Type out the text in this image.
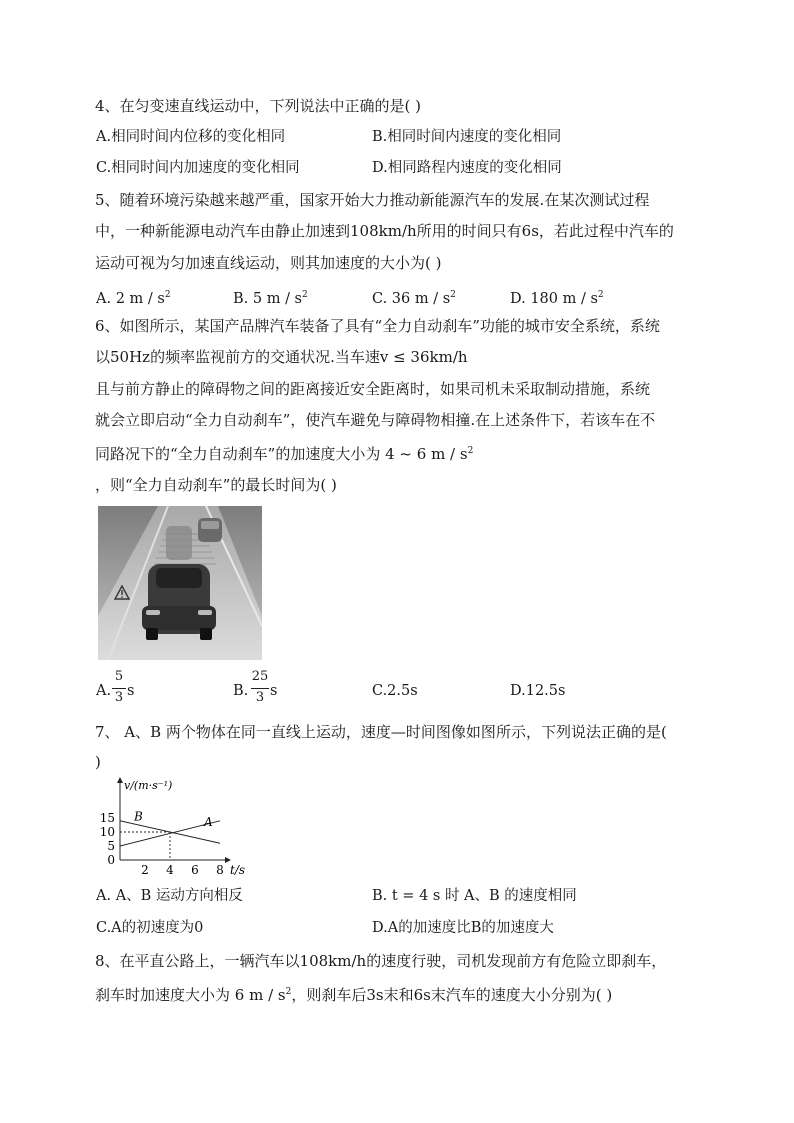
4、在匀变速直线运动中，下列说法中正确的是( )
A.相同时间内位移的变化相同	B.相同时间内速度的变化相同
C.相同时间内加速度的变化相同	D.相同路程内速度的变化相同
5、随着环境污染越来越严重，国家开始大力推动新能源汽车的发展.在某次测试过程
中，一种新能源电动汽车由静止加速到108km/h所用的时间只有6s，若此过程中汽车的
运动可视为匀加速直线运动，则其加速度的大小为( )
A. 2 m / $s^2$	B. 5 m / $s^2$	C. 36 m / $s^2$	D. 180 m / $s^2$
6、如图所示，某国产品牌汽车装备了具有“全力自动刹车”功能的城市安全系统，系统
以50Hz的频率监视前方的交通状况.当车速v ≤ 36km/h
且与前方静止的障碍物之间的距离接近安全距离时，如果司机未采取制动措施，系统
就会立即启动“全力自动刹车”，使汽车避免与障碍物相撞.在上述条件下，若该车在不
同路况下的“全力自动刹车”的加速度大小为 4 ~ 6 m / $s^2$
，则“全力自动刹车”的最长时间为( )
A.
5
3 s	B.
25
3 s	C.2.5s	D.12.5s
7、 A、B 两个物体在同一直线上运动，速度—时间图像如图所示，下列说法正确的是(
)
v/(m·s⁻¹)
t/s
15
10
5
0
2 4 6 8
A
B
A. A、B 运动方向相反	B. t = 4 s 时 A、B 的速度相同
C.A的初速度为0	D.A的加速度比B的加速度大
8、在平直公路上，一辆汽车以108km/h的速度行驶，司机发现前方有危险立即刹车，
刹车时加速度大小为 6 m / $s^2$，则刹车后3s末和6s末汽车的速度大小分别为( )
